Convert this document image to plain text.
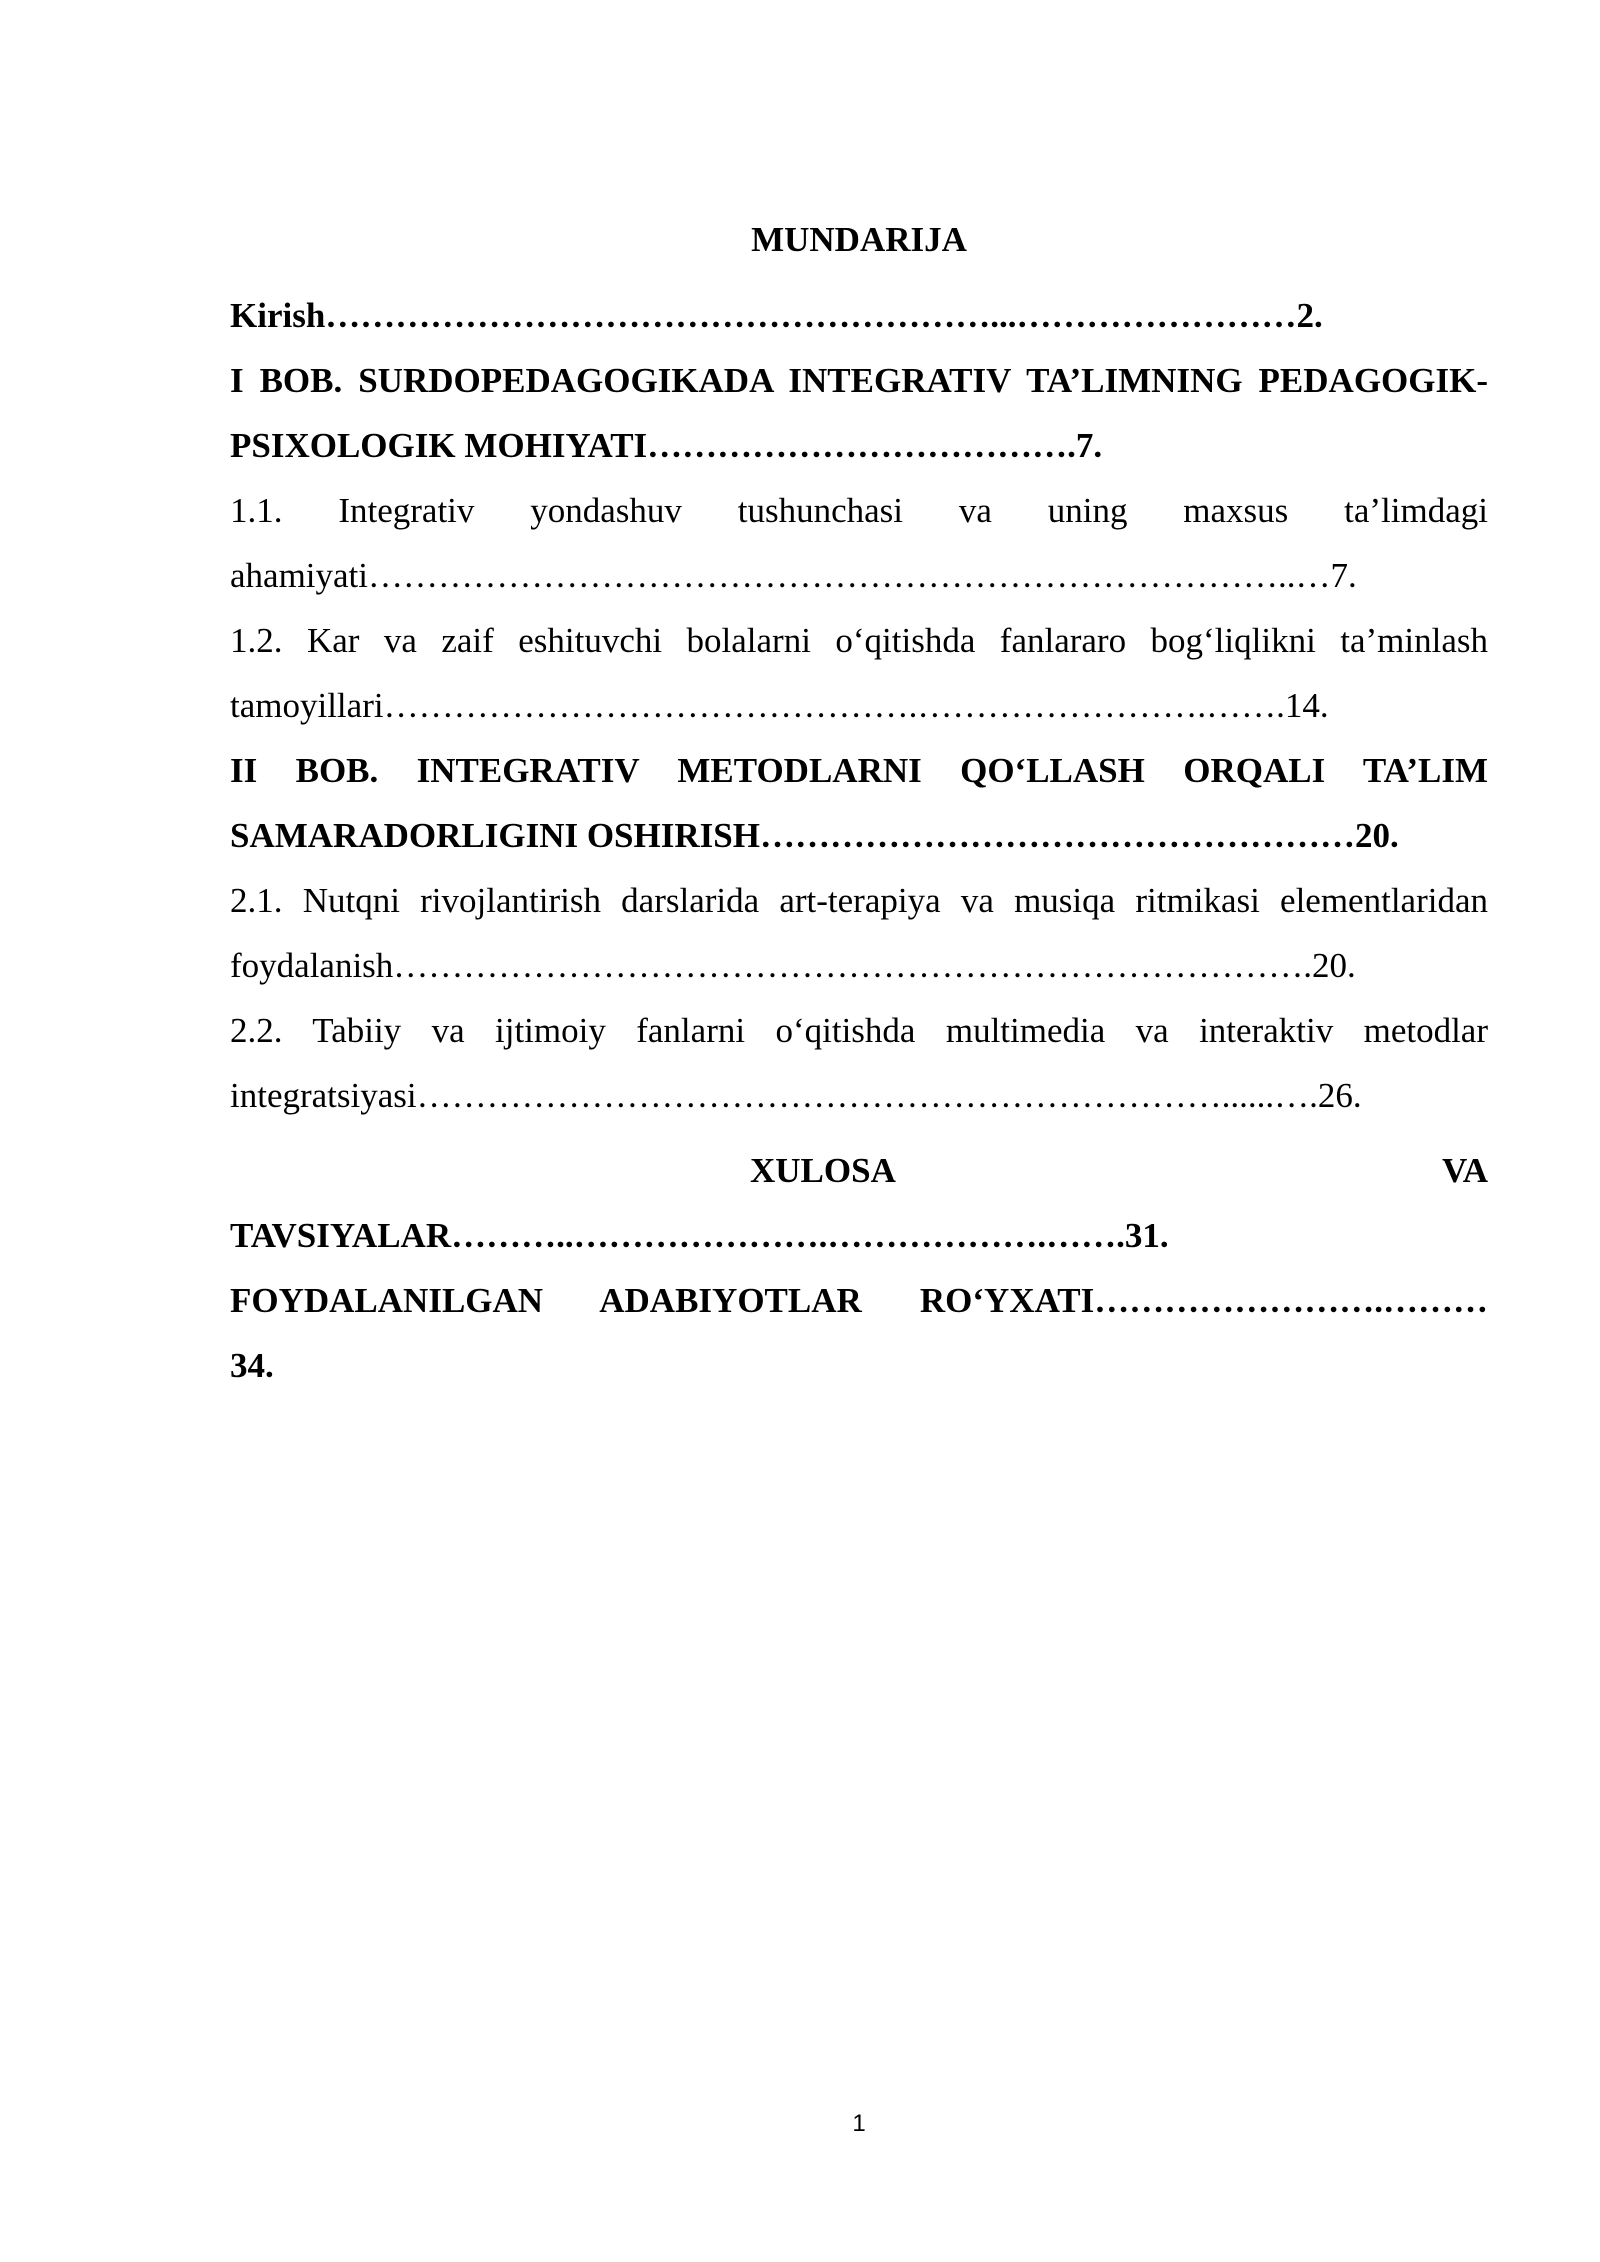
MUNDARIJA

Kirish…………………………………………………...……………………2.

I BOB. SURDOPEDAGOGIKADA INTEGRATIV TA’LIMNING PEDAGOGIK-PSIXOLOGIK MOHIYATI……………………………….7.

1.1. Integrativ yondashuv tushunchasi va uning maxsus ta’limdagi ahamiyati……………………………………………………………………..…7.

1.2. Kar va zaif eshituvchi bolalarni o‘qitishda fanlararo bog‘liqlikni ta’minlash tamoyillari……………………………………….…………………….…….14.

II BOB. INTEGRATIV METODLARNI QO‘LLASH ORQALI TA’LIM SAMARADORLIGINI OSHIRISH……………………………………………20.

2.1. Nutqni rivojlantirish darslarida art-terapiya va musiqa ritmikasi elementlaridan foydalanish…………………………………………………………………….20.

2.2. Tabiiy va ijtimoiy fanlarni o‘qitishda multimedia va interaktiv metodlar integratsiyasi……………………………………………………………......….26.

XULOSA VA

TAVSIYALAR………..………………….……………….…….31.

FOYDALANILGAN ADABIYOTLAR RO‘YXATI…………………….………

34.

1
